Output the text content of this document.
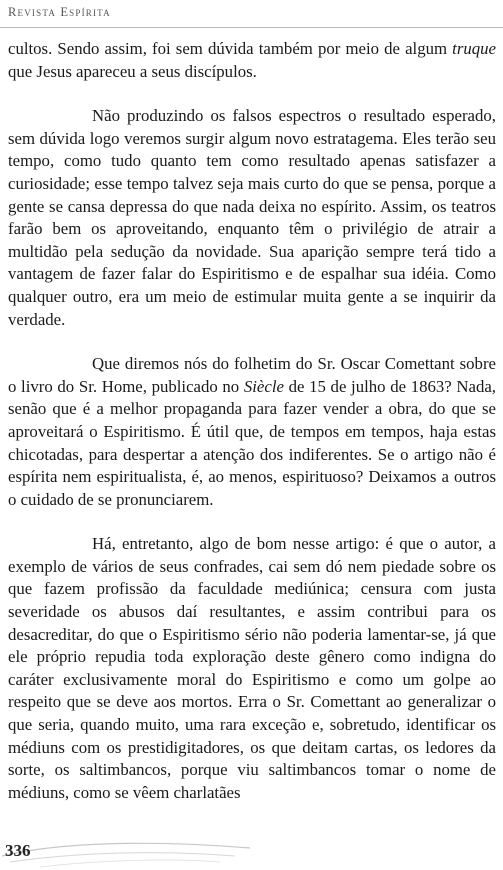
Revista Espírita

cultos. Sendo assim, foi sem dúvida também por meio de algum truque que Jesus apareceu a seus discípulos.

Não produzindo os falsos espectros o resultado esperado, sem dúvida logo veremos surgir algum novo estratagema. Eles terão seu tempo, como tudo quanto tem como resultado apenas satisfazer a curiosidade; esse tempo talvez seja mais curto do que se pensa, porque a gente se cansa depressa do que nada deixa no espírito. Assim, os teatros farão bem os aproveitando, enquanto têm o privilégio de atrair a multidão pela sedução da novidade. Sua aparição sempre terá tido a vantagem de fazer falar do Espiritismo e de espalhar sua idéia. Como qualquer outro, era um meio de estimular muita gente a se inquirir da verdade.

Que diremos nós do folhetim do Sr. Oscar Comettant sobre o livro do Sr. Home, publicado no Siècle de 15 de julho de 1863? Nada, senão que é a melhor propaganda para fazer vender a obra, do que se aproveitará o Espiritismo. É útil que, de tempos em tempos, haja estas chicotadas, para despertar a atenção dos indiferentes. Se o artigo não é espírita nem espiritualista, é, ao menos, espirituoso? Deixamos a outros o cuidado de se pronunciarem.

Há, entretanto, algo de bom nesse artigo: é que o autor, a exemplo de vários de seus confrades, cai sem dó nem piedade sobre os que fazem profissão da faculdade mediúnica; censura com justa severidade os abusos daí resultantes, e assim contribui para os desacreditar, do que o Espiritismo sério não poderia lamentar-se, já que ele próprio repudia toda exploração deste gênero como indigna do caráter exclusivamente moral do Espiritismo e como um golpe ao respeito que se deve aos mortos. Erra o Sr. Comettant ao generalizar o que seria, quando muito, uma rara exceção e, sobretudo, identificar os médiuns com os prestidigitadores, os que deitam cartas, os ledores da sorte, os saltimbancos, porque viu saltimbancos tomar o nome de médiuns, como se vêem charlatães

336
